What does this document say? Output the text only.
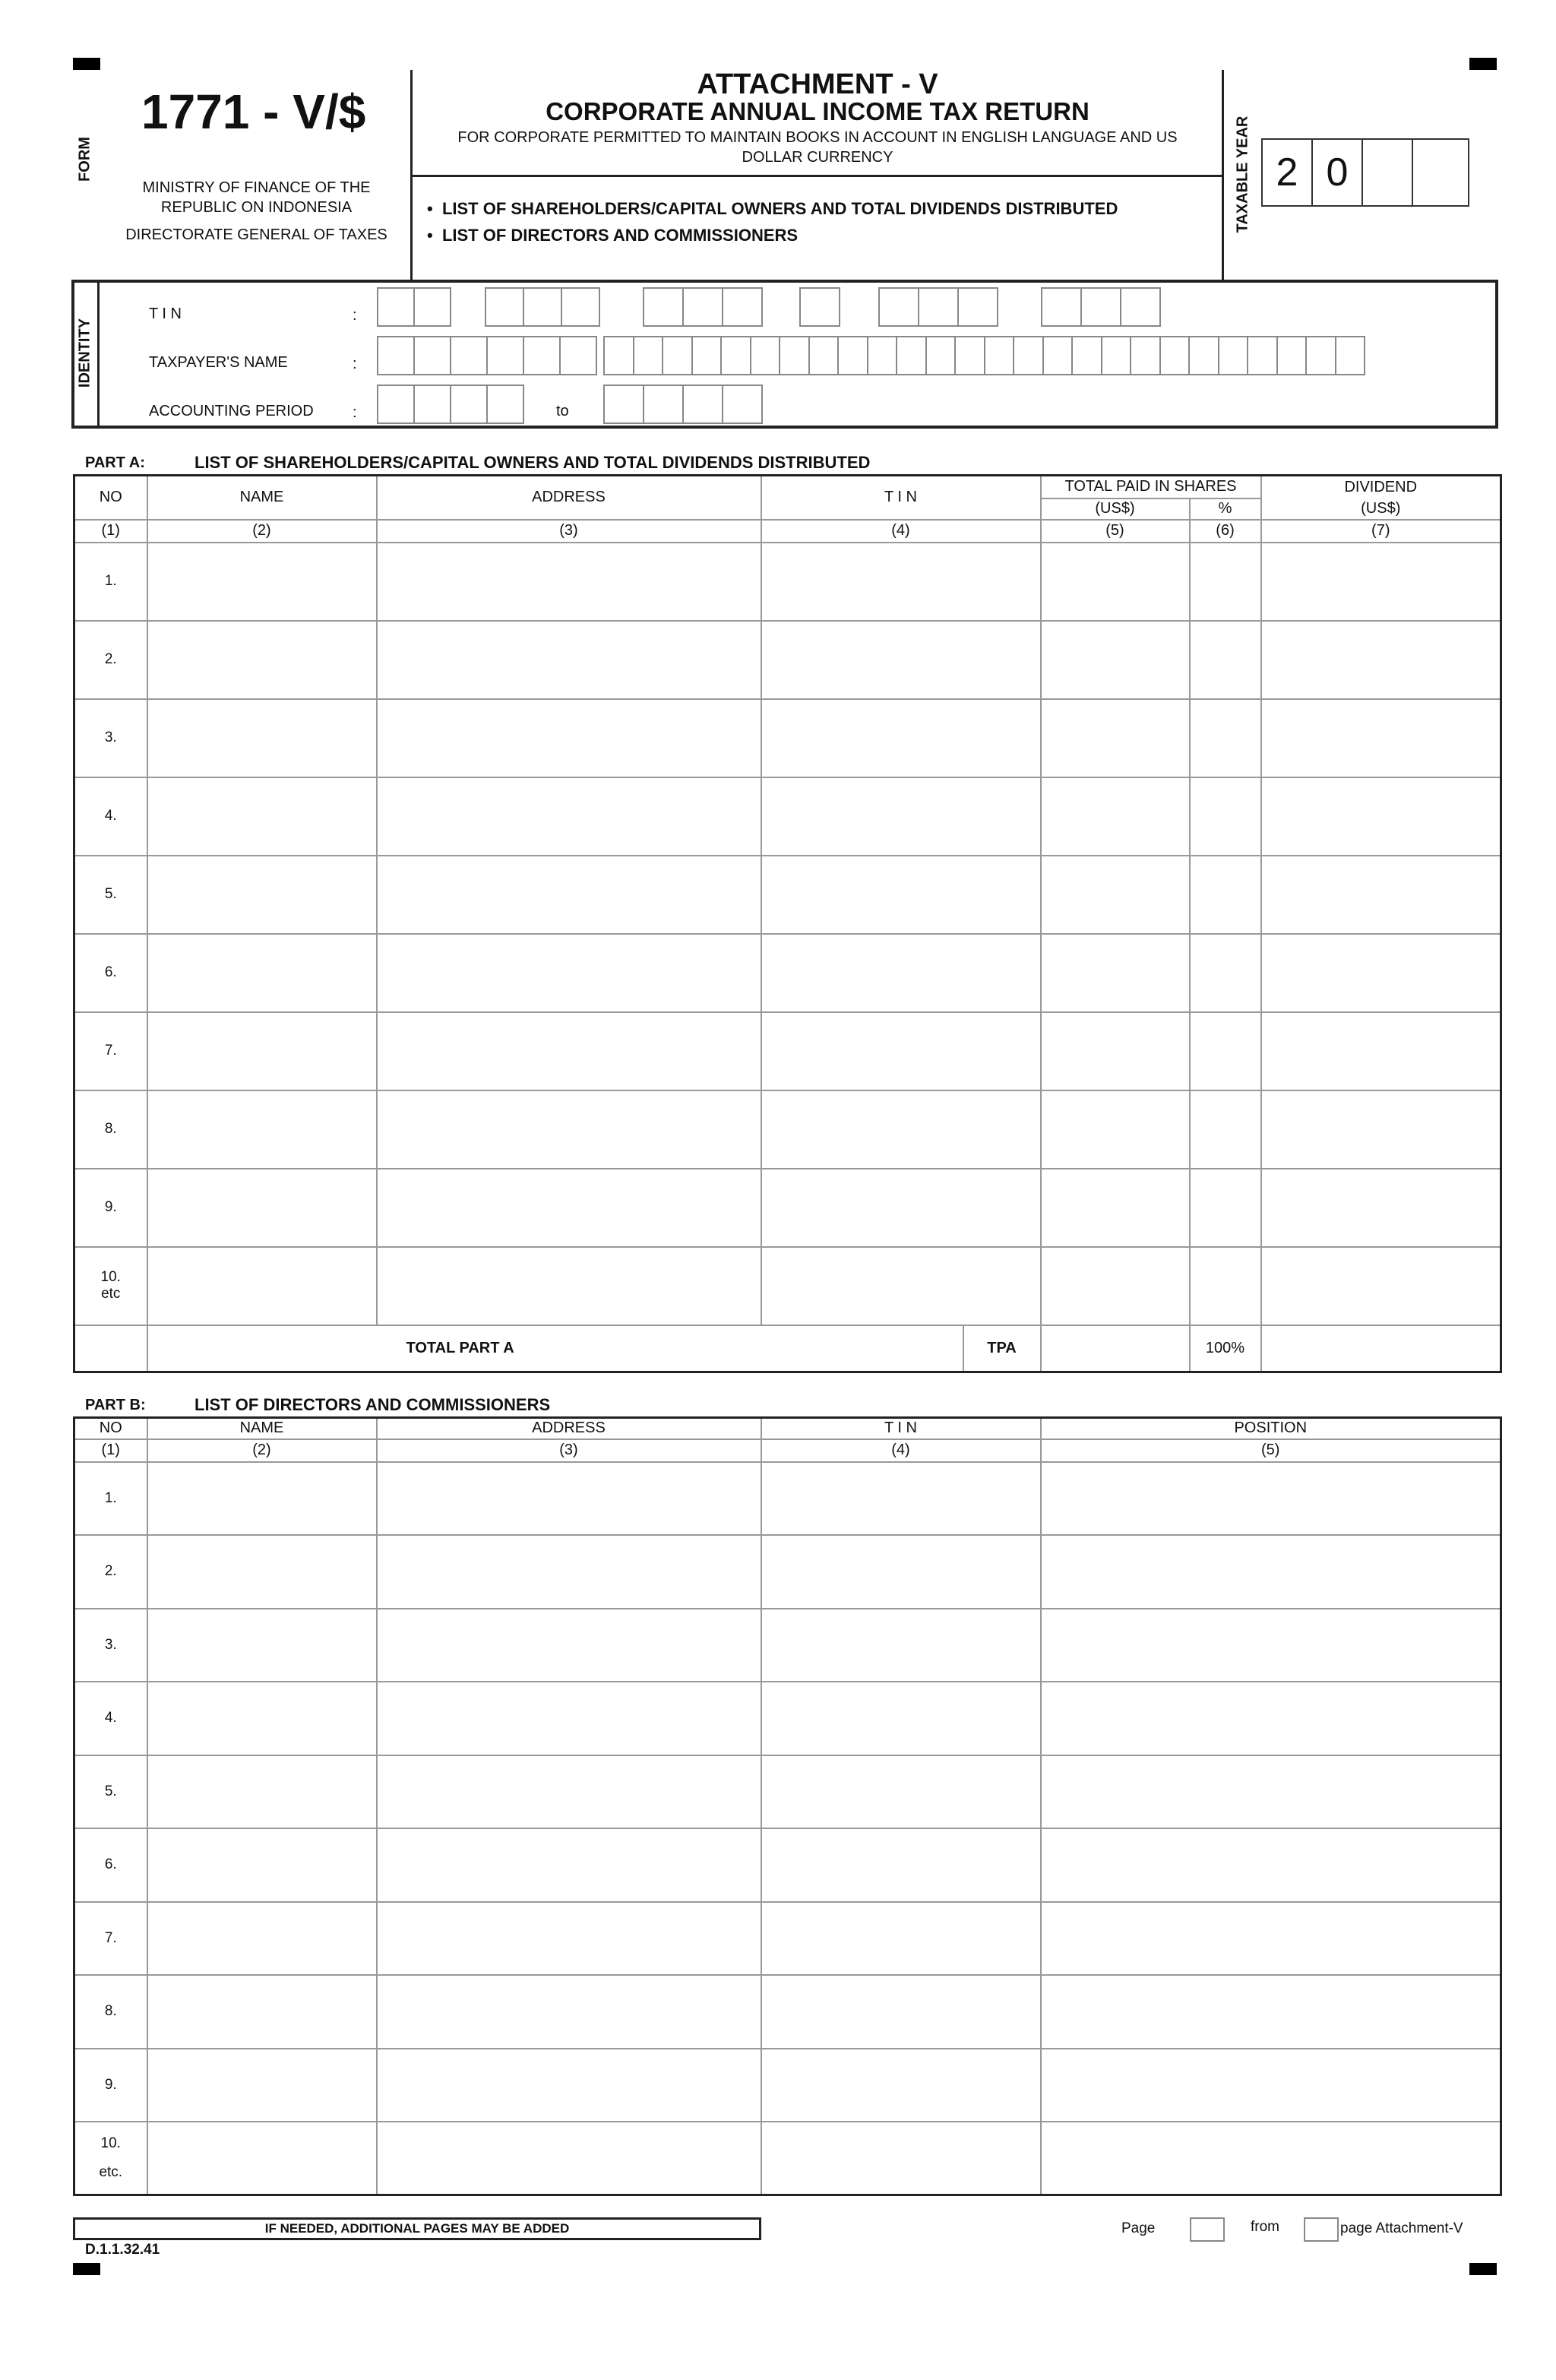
FORM
1771 - V/$
MINISTRY OF FINANCE OF THE
REPUBLIC ON INDONESIA
DIRECTORATE GENERAL OF TAXES
ATTACHMENT - V
CORPORATE ANNUAL INCOME TAX RETURN
FOR CORPORATE PERMITTED TO MAINTAIN BOOKS IN ACCOUNT IN ENGLISH LANGUAGE AND US
DOLLAR CURRENCY
•  LIST OF SHAREHOLDERS/CAPITAL OWNERS AND TOTAL DIVIDENDS DISTRIBUTED
•  LIST OF DIRECTORS AND COMMISSIONERS
TAXABLE YEAR 2 0
IDENTITY
T I N	:
TAXPAYER'S NAME	:
ACCOUNTING PERIOD	:	to
PART A:	LIST OF SHAREHOLDERS/CAPITAL OWNERS AND TOTAL DIVIDENDS DISTRIBUTED
NO	NAME	ADDRESS	T I N	TOTAL PAID IN SHARES		DIVIDEND
				(US$)	%	(US$)
(1)	(2)	(3)	(4)	(5)	(6)	(7)
1.						
2.						
3.						
4.						
5.						
6.						
7.						
8.						
9.						

10.
etc						

	TOTAL PART A TPA				100%	
PART B:	LIST OF DIRECTORS AND COMMISSIONERS
NO	NAME	ADDRESS	T I N	POSITION
(1)	(2)	(3)	(4)	(5)
1.				
2.				
3.				
4.				
5.				
6.				
7.				
8.				
9.				

10.
etc.				

IF NEEDED, ADDITIONAL PAGES MAY BE ADDED
D.1.1.32.41
Page	from	page Attachment-V
